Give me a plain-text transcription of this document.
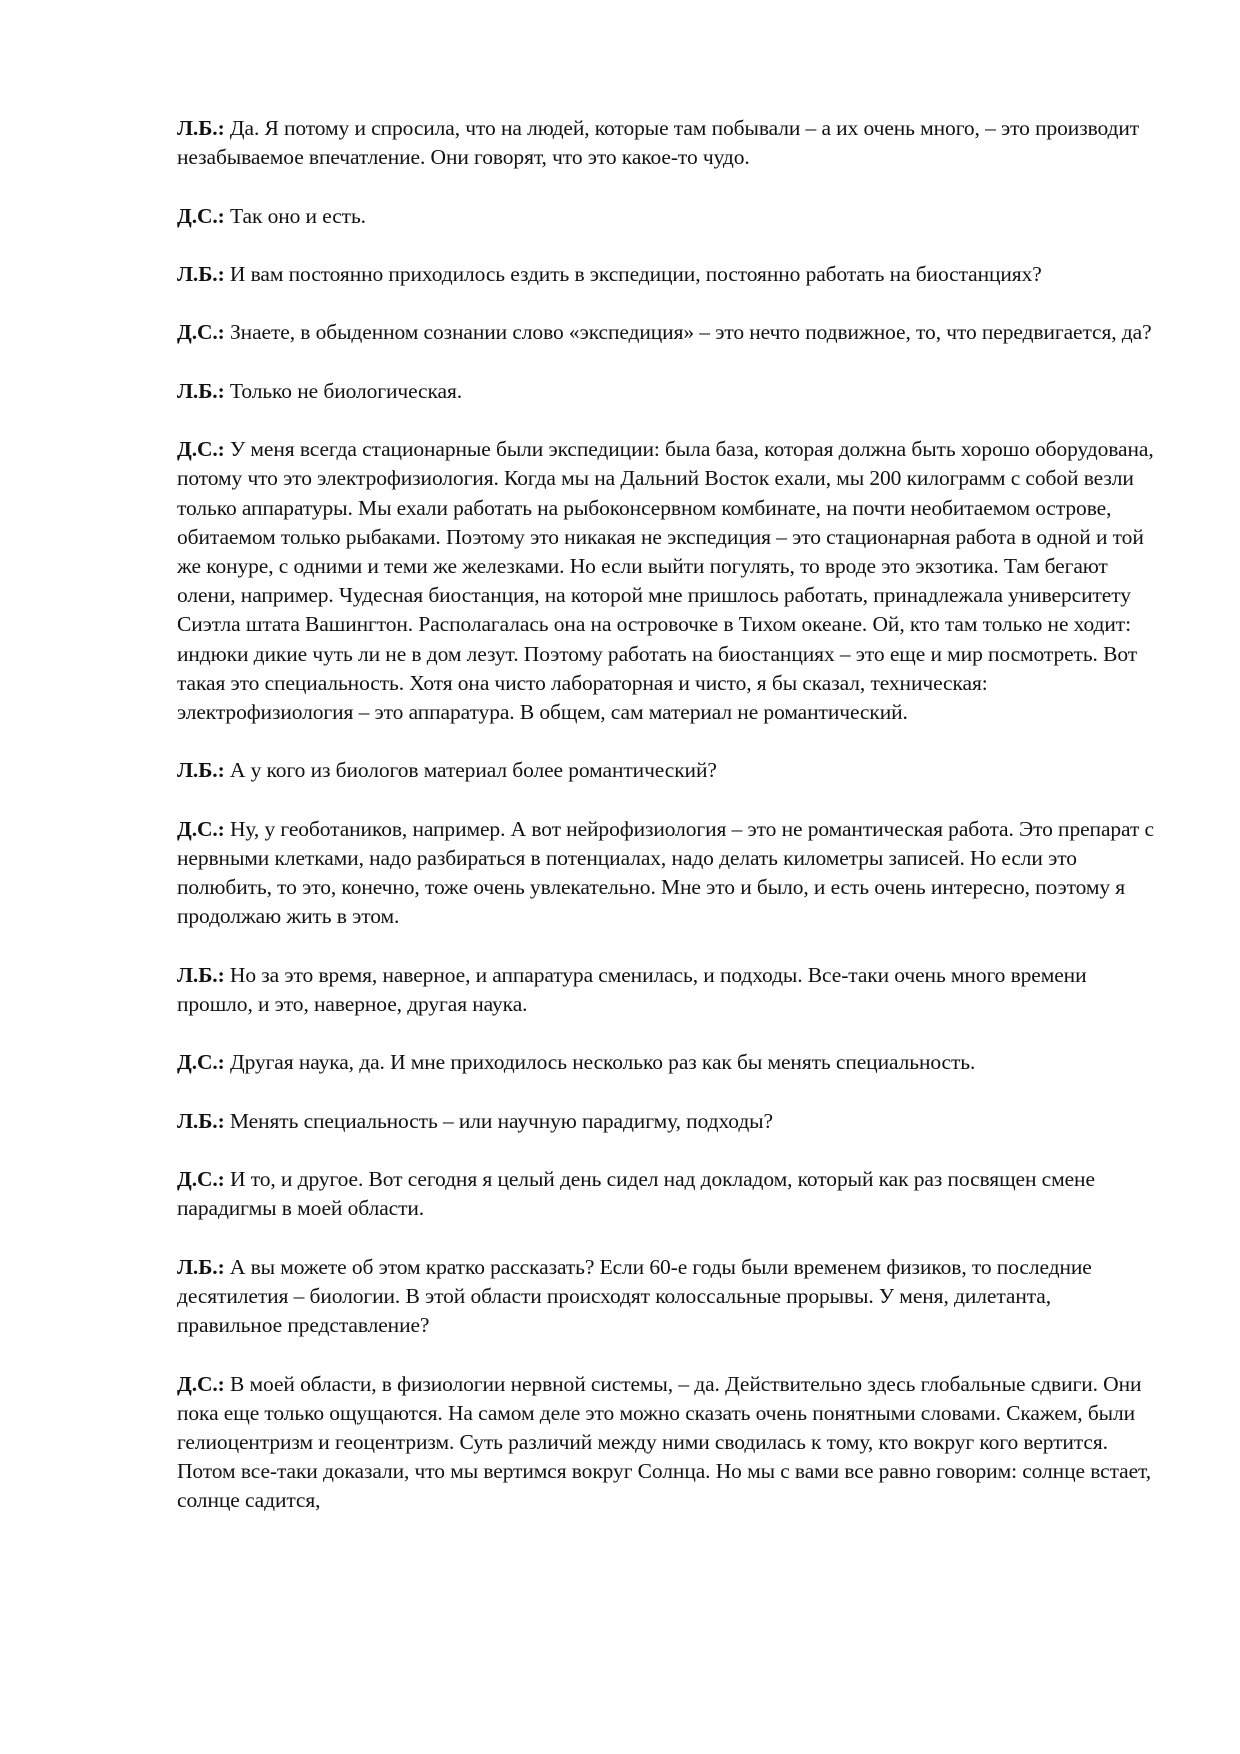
Л.Б.: Да. Я потому и спросила, что на людей, которые там побывали – а их очень много, – это производит незабываемое впечатление. Они говорят, что это какое-то чудо.

Д.С.: Так оно и есть.

Л.Б.: И вам постоянно приходилось ездить в экспедиции, постоянно работать на биостанциях?

Д.С.: Знаете, в обыденном сознании слово «экспедиция» – это нечто подвижное, то, что передвигается, да?

Л.Б.: Только не биологическая.

Д.С.: У меня всегда стационарные были экспедиции: была база, которая должна быть хорошо оборудована, потому что это электрофизиология. Когда мы на Дальний Восток ехали, мы 200 килограмм с собой везли только аппаратуры. Мы ехали работать на рыбоконсервном комбинате, на почти необитаемом острове, обитаемом только рыбаками. Поэтому это никакая не экспедиция – это стационарная работа в одной и той же конуре, с одними и теми же железками. Но если выйти погулять, то вроде это экзотика. Там бегают олени, например. Чудесная биостанция, на которой мне пришлось работать, принадлежала университету Сиэтла штата Вашингтон. Располагалась она на островочке в Тихом океане. Ой, кто там только не ходит: индюки дикие чуть ли не в дом лезут. Поэтому работать на биостанциях – это еще и мир посмотреть. Вот такая это специальность. Хотя она чисто лабораторная и чисто, я бы сказал, техническая: электрофизиология – это аппаратура. В общем, сам материал не романтический.

Л.Б.: А у кого из биологов материал более романтический?

Д.С.: Ну, у геоботаников, например. А вот нейрофизиология – это не романтическая работа. Это препарат с нервными клетками, надо разбираться в потенциалах, надо делать километры записей. Но если это полюбить, то это, конечно, тоже очень увлекательно. Мне это и было, и есть очень интересно, поэтому я продолжаю жить в этом.

Л.Б.: Но за это время, наверное, и аппаратура сменилась, и подходы. Все-таки очень много времени прошло, и это, наверное, другая наука.

Д.С.: Другая наука, да. И мне приходилось несколько раз как бы менять специальность.

Л.Б.: Менять специальность – или научную парадигму, подходы?

Д.С.: И то, и другое. Вот сегодня я целый день сидел над докладом, который как раз посвящен смене парадигмы в моей области.

Л.Б.: А вы можете об этом кратко рассказать? Если 60-е годы были временем физиков, то последние десятилетия – биологии. В этой области происходят колоссальные прорывы. У меня, дилетанта, правильное представление?

Д.С.: В моей области, в физиологии нервной системы, – да. Действительно здесь глобальные сдвиги. Они пока еще только ощущаются. На самом деле это можно сказать очень понятными словами. Скажем, были гелиоцентризм и геоцентризм. Суть различий между ними сводилась к тому, кто вокруг кого вертится. Потом все-таки доказали, что мы вертимся вокруг Солнца. Но мы с вами все равно говорим: солнце встает, солнце садится,
